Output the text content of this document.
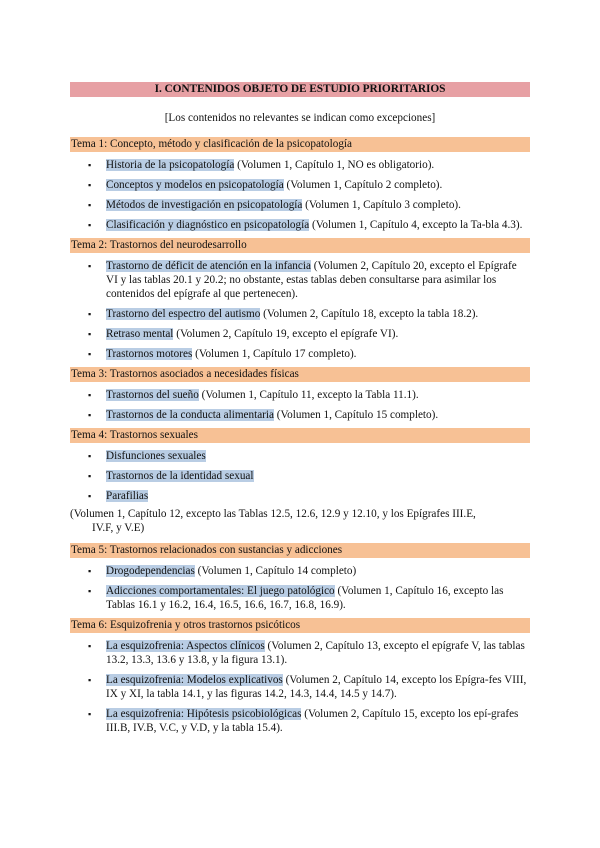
I. CONTENIDOS OBJETO DE ESTUDIO PRIORITARIOS
[Los contenidos no relevantes se indican como excepciones]
Tema 1: Concepto, método y clasificación de la psicopatología
▪ Historia de la psicopatología (Volumen 1, Capítulo 1, NO es obligatorio).
▪ Conceptos y modelos en psicopatología (Volumen 1, Capítulo 2 completo).
▪ Métodos de investigación en psicopatología (Volumen 1, Capítulo 3 completo).
▪ Clasificación y diagnóstico en psicopatología (Volumen 1, Capítulo 4, excepto la Ta-bla 4.3).
Tema 2: Trastornos del neurodesarrollo
▪ Trastorno de déficit de atención en la infancia (Volumen 2, Capítulo 20, excepto el Epígrafe VI y las tablas 20.1 y 20.2; no obstante, estas tablas deben consultarse para asimilar los contenidos del epígrafe al que pertenecen).
▪ Trastorno del espectro del autismo (Volumen 2, Capítulo 18, excepto la tabla 18.2).
▪ Retraso mental (Volumen 2, Capítulo 19, excepto el epígrafe VI).
▪ Trastornos motores (Volumen 1, Capítulo 17 completo).
Tema 3: Trastornos asociados a necesidades físicas
▪ Trastornos del sueño (Volumen 1, Capítulo 11, excepto la Tabla 11.1).
▪ Trastornos de la conducta alimentaria (Volumen 1, Capítulo 15 completo).
Tema 4: Trastornos sexuales
▪ Disfunciones sexuales
▪ Trastornos de la identidad sexual
▪ Parafilias
(Volumen 1, Capítulo 12, excepto las Tablas 12.5, 12.6, 12.9 y 12.10, y los Epígrafes III.E,
IV.F, y V.E)
Tema 5: Trastornos relacionados con sustancias y adicciones
▪ Drogodependencias (Volumen 1, Capítulo 14 completo)
▪ Adicciones comportamentales: El juego patológico (Volumen 1, Capítulo 16, excepto las Tablas 16.1 y 16.2, 16.4, 16.5, 16.6, 16.7, 16.8, 16.9).
Tema 6: Esquizofrenia y otros trastornos psicóticos
▪ La esquizofrenia: Aspectos clínicos (Volumen 2, Capítulo 13, excepto el epígrafe V, las tablas 13.2, 13.3, 13.6 y 13.8, y la figura 13.1).
▪ La esquizofrenia: Modelos explicativos (Volumen 2, Capítulo 14, excepto los Epígra-fes VIII, IX y XI, la tabla 14.1, y las figuras 14.2, 14.3, 14.4, 14.5 y 14.7).
▪ La esquizofrenia: Hipótesis psicobiológicas (Volumen 2, Capítulo 15, excepto los epí-grafes III.B, IV.B, V.C, y V.D, y la tabla 15.4).
